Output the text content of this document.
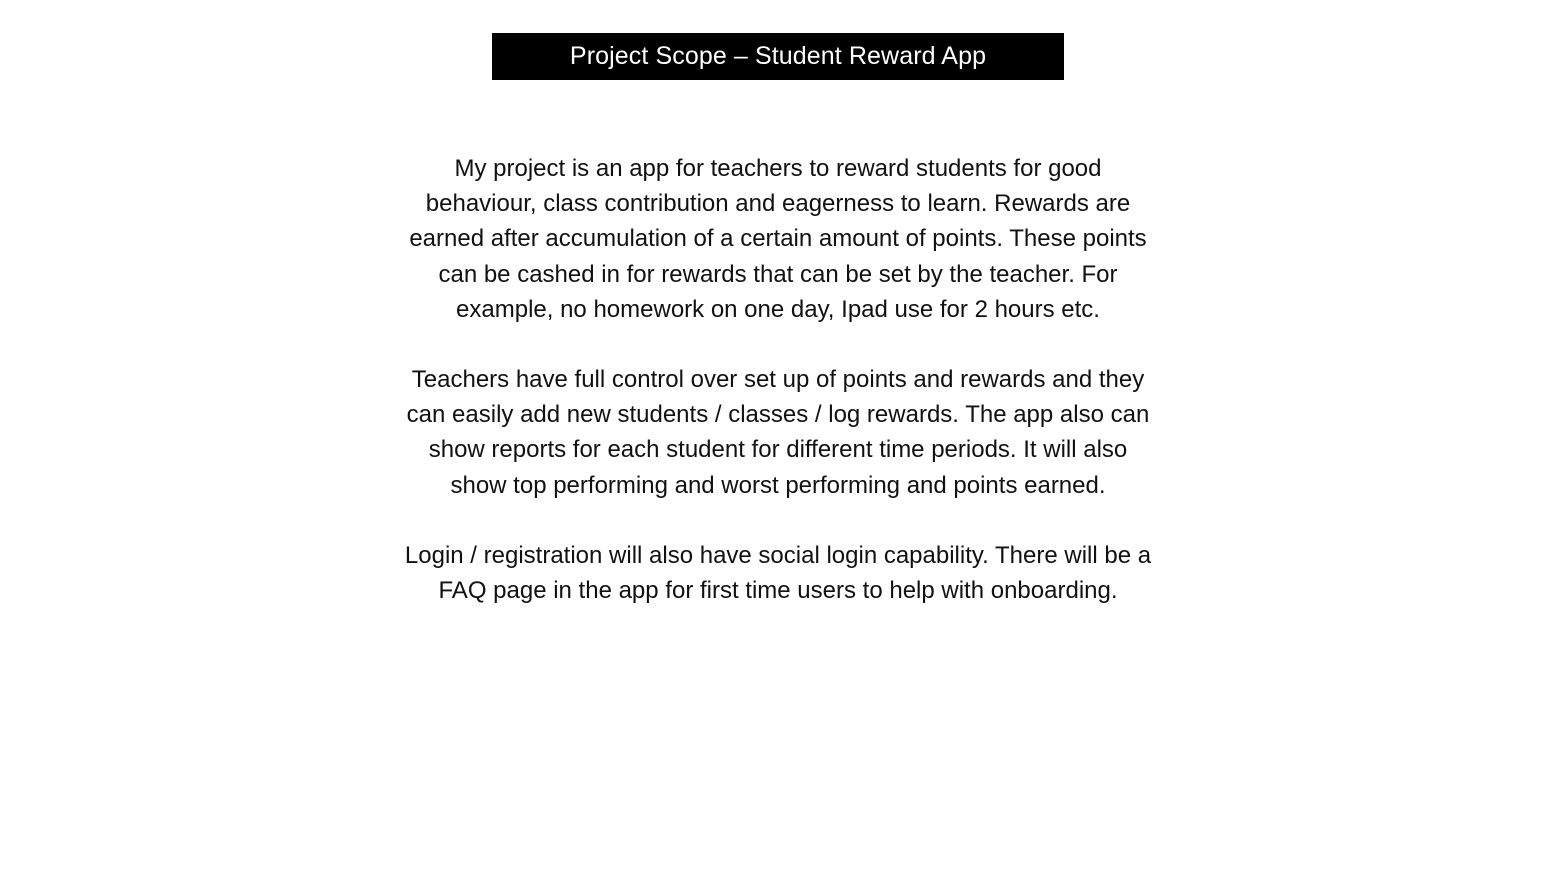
Project Scope – Student Reward App

My project is an app for teachers to reward students for good
behaviour, class contribution and eagerness to learn. Rewards are
earned after accumulation of a certain amount of points. These points
can be cashed in for rewards that can be set by the teacher. For
example, no homework on one day, Ipad use for 2 hours etc.

Teachers have full control over set up of points and rewards and they
can easily add new students / classes / log rewards. The app also can
show reports for each student for different time periods. It will also
show top performing and worst performing and points earned.

Login / registration will also have social login capability. There will be a
FAQ page in the app for first time users to help with onboarding.
